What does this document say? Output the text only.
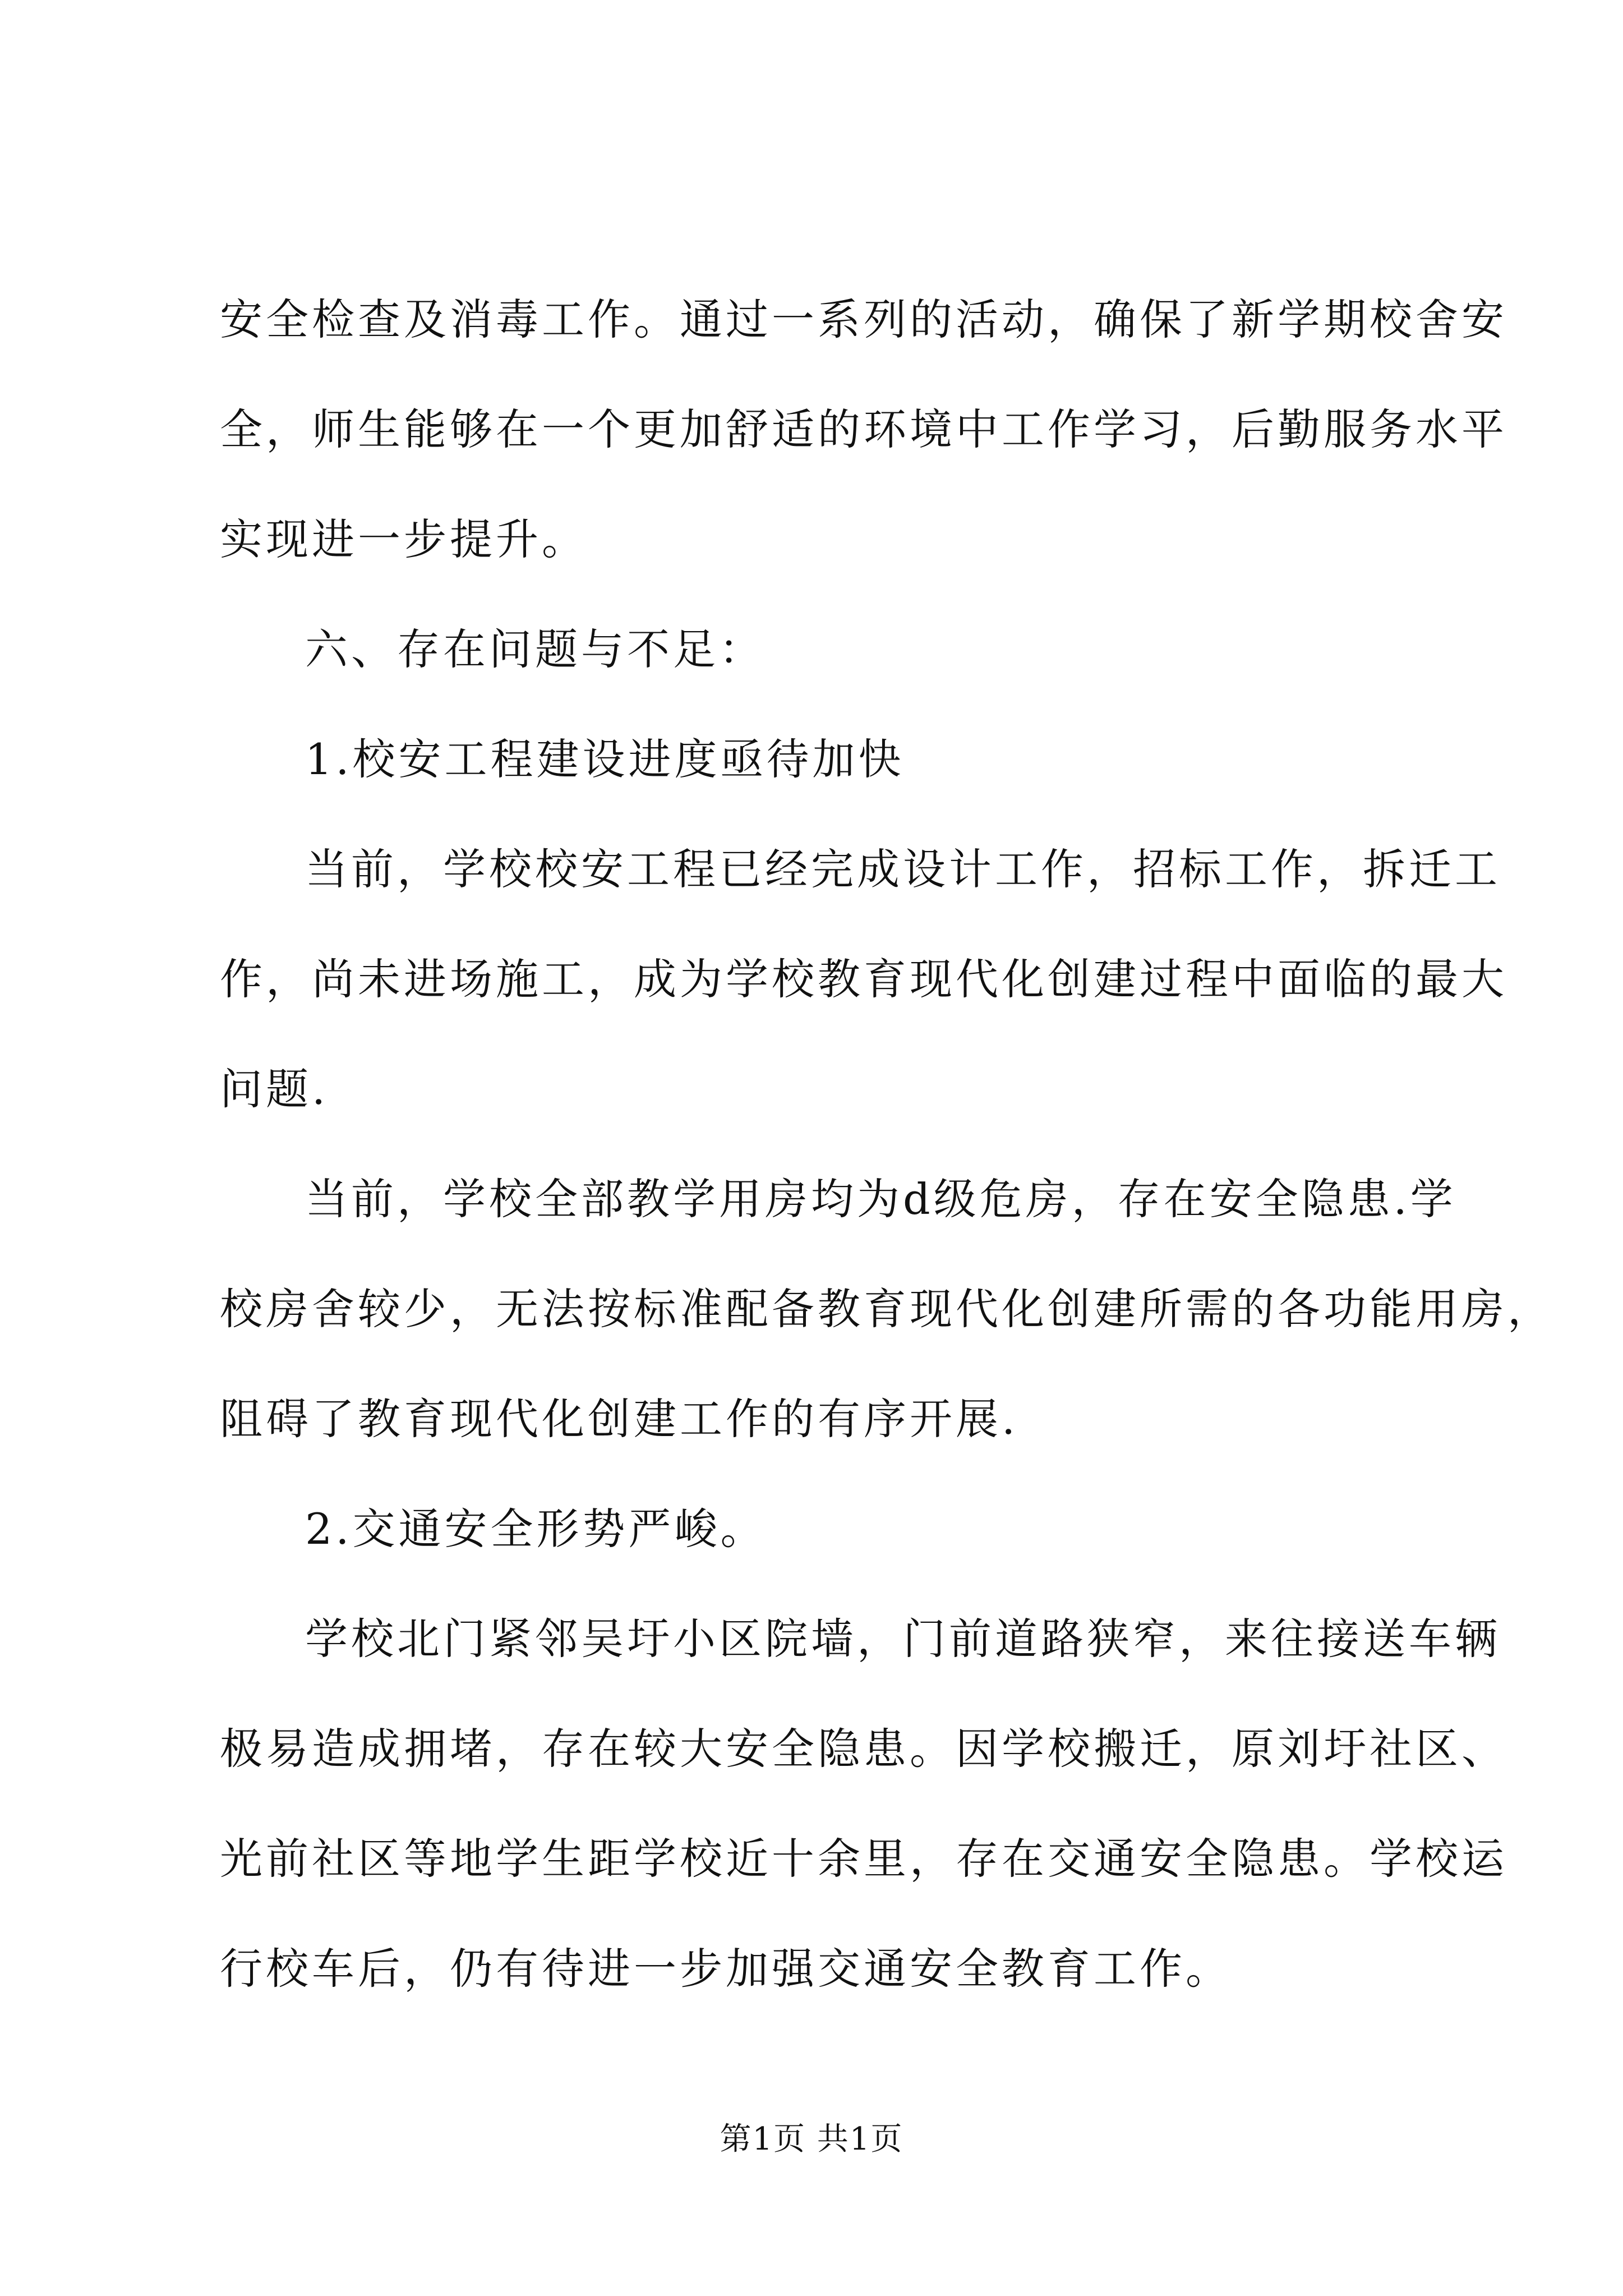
安全检查及消毒工作。通过一系列的活动，确保了新学期校舍安
全，师生能够在一个更加舒适的环境中工作学习，后勤服务水平
实现进一步提升。
六、存在问题与不足：
1.校安工程建设进度亟待加快
当前，学校校安工程已经完成设计工作，招标工作，拆迁工
作，尚未进场施工，成为学校教育现代化创建过程中面临的最大
问题.
当前，学校全部教学用房均为d级危房，存在安全隐患.学
校房舍较少，无法按标准配备教育现代化创建所需的各功能用房，
阻碍了教育现代化创建工作的有序开展.
2.交通安全形势严峻。
学校北门紧邻吴圩小区院墙，门前道路狭窄，来往接送车辆
极易造成拥堵，存在较大安全隐患。因学校搬迁，原刘圩社区、
光前社区等地学生距学校近十余里，存在交通安全隐患。学校运
行校车后，仍有待进一步加强交通安全教育工作。
第1页 共1页
